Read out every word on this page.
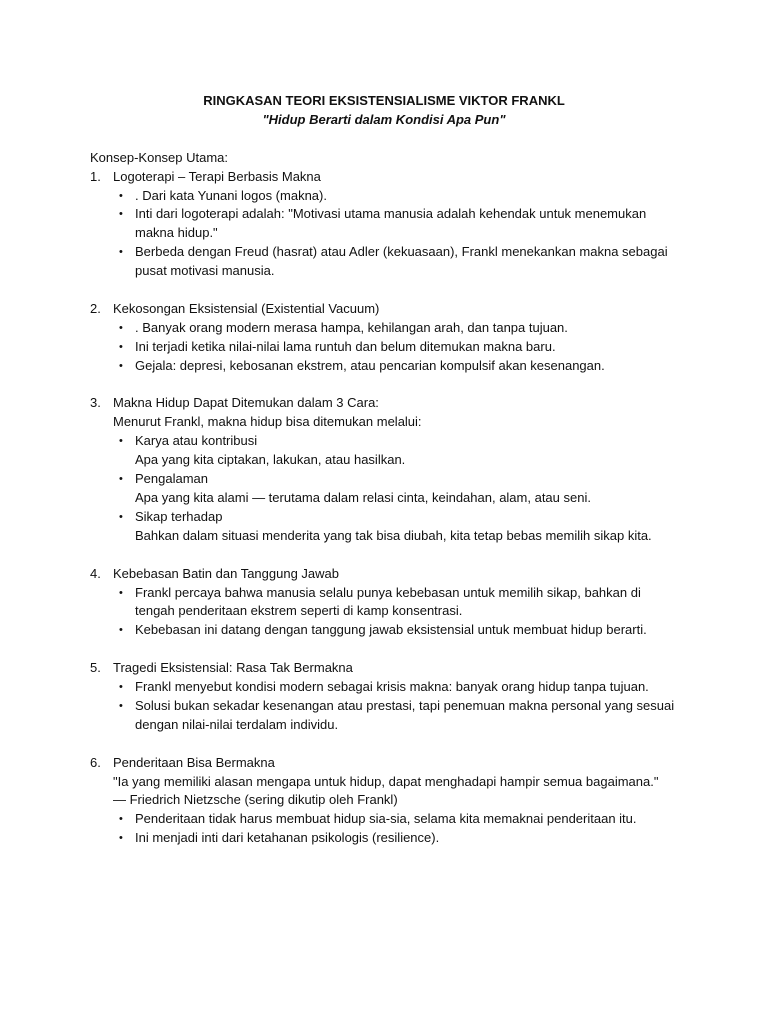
RINGKASAN TEORI EKSISTENSIALISME VIKTOR FRANKL

"Hidup Berarti dalam Kondisi Apa Pun"

Konsep-Konsep Utama:
1. Logoterapi – Terapi Berbasis Makna
• . Dari kata Yunani logos (makna).
• Inti dari logoterapi adalah: "Motivasi utama manusia adalah kehendak untuk menemukan makna hidup."
• Berbeda dengan Freud (hasrat) atau Adler (kekuasaan), Frankl menekankan makna sebagai pusat motivasi manusia.
2. Kekosongan Eksistensial (Existential Vacuum)
• . Banyak orang modern merasa hampa, kehilangan arah, dan tanpa tujuan.
• Ini terjadi ketika nilai-nilai lama runtuh dan belum ditemukan makna baru.
• Gejala: depresi, kebosanan ekstrem, atau pencarian kompulsif akan kesenangan.
3. Makna Hidup Dapat Ditemukan dalam 3 Cara:
Menurut Frankl, makna hidup bisa ditemukan melalui:
• Karya atau kontribusi
Apa yang kita ciptakan, lakukan, atau hasilkan.
• Pengalaman
Apa yang kita alami — terutama dalam relasi cinta, keindahan, alam, atau seni.
• Sikap terhadap
Bahkan dalam situasi menderita yang tak bisa diubah, kita tetap bebas memilih sikap kita.
4. Kebebasan Batin dan Tanggung Jawab
• Frankl percaya bahwa manusia selalu punya kebebasan untuk memilih sikap, bahkan di tengah penderitaan ekstrem seperti di kamp konsentrasi.
• Kebebasan ini datang dengan tanggung jawab eksistensial untuk membuat hidup berarti.
5. Tragedi Eksistensial: Rasa Tak Bermakna
• Frankl menyebut kondisi modern sebagai krisis makna: banyak orang hidup tanpa tujuan.
• Solusi bukan sekadar kesenangan atau prestasi, tapi penemuan makna personal yang sesuai dengan nilai-nilai terdalam individu.
6. Penderitaan Bisa Bermakna
"Ia yang memiliki alasan mengapa untuk hidup, dapat menghadapi hampir semua bagaimana."
— Friedrich Nietzsche (sering dikutip oleh Frankl)
• Penderitaan tidak harus membuat hidup sia-sia, selama kita memaknai penderitaan itu.
• Ini menjadi inti dari ketahanan psikologis (resilience).
